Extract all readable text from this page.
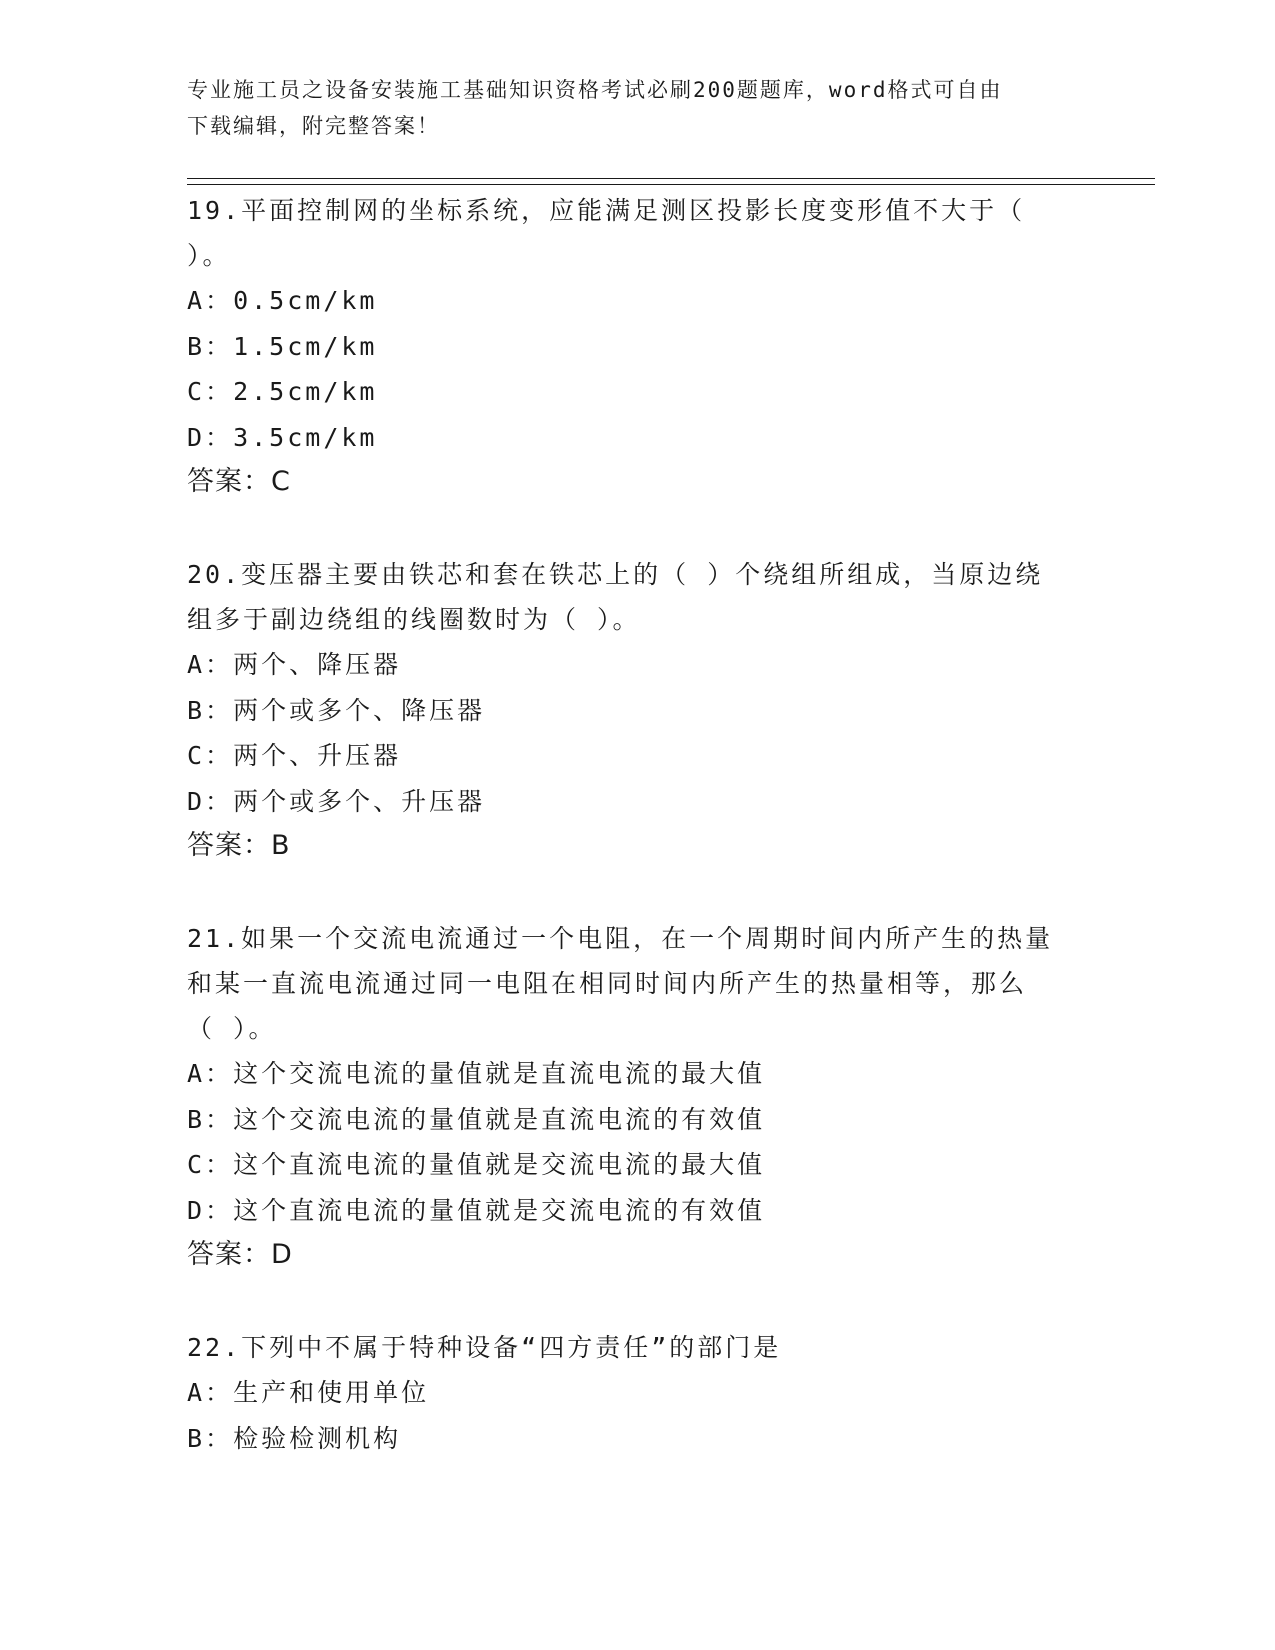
专业施工员之设备安装施工基础知识资格考试必刷200题题库，word格式可自由
下载编辑，附完整答案！
19.平面控制网的坐标系统，应能满足测区投影长度变形值不大于（
）。
A：0.5cm/km
B：1.5cm/km
C：2.5cm/km
D：3.5cm/km
答案：C
20.变压器主要由铁芯和套在铁芯上的（ ）个绕组所组成，当原边绕
组多于副边绕组的线圈数时为（ ）。
A：两个、降压器
B：两个或多个、降压器
C：两个、升压器
D：两个或多个、升压器
答案：B
21.如果一个交流电流通过一个电阻，在一个周期时间内所产生的热量
和某一直流电流通过同一电阻在相同时间内所产生的热量相等，那么
（ ）。
A：这个交流电流的量值就是直流电流的最大值
B：这个交流电流的量值就是直流电流的有效值
C：这个直流电流的量值就是交流电流的最大值
D：这个直流电流的量值就是交流电流的有效值
答案：D
22.下列中不属于特种设备“四方责任”的部门是
A：生产和使用单位
B：检验检测机构
